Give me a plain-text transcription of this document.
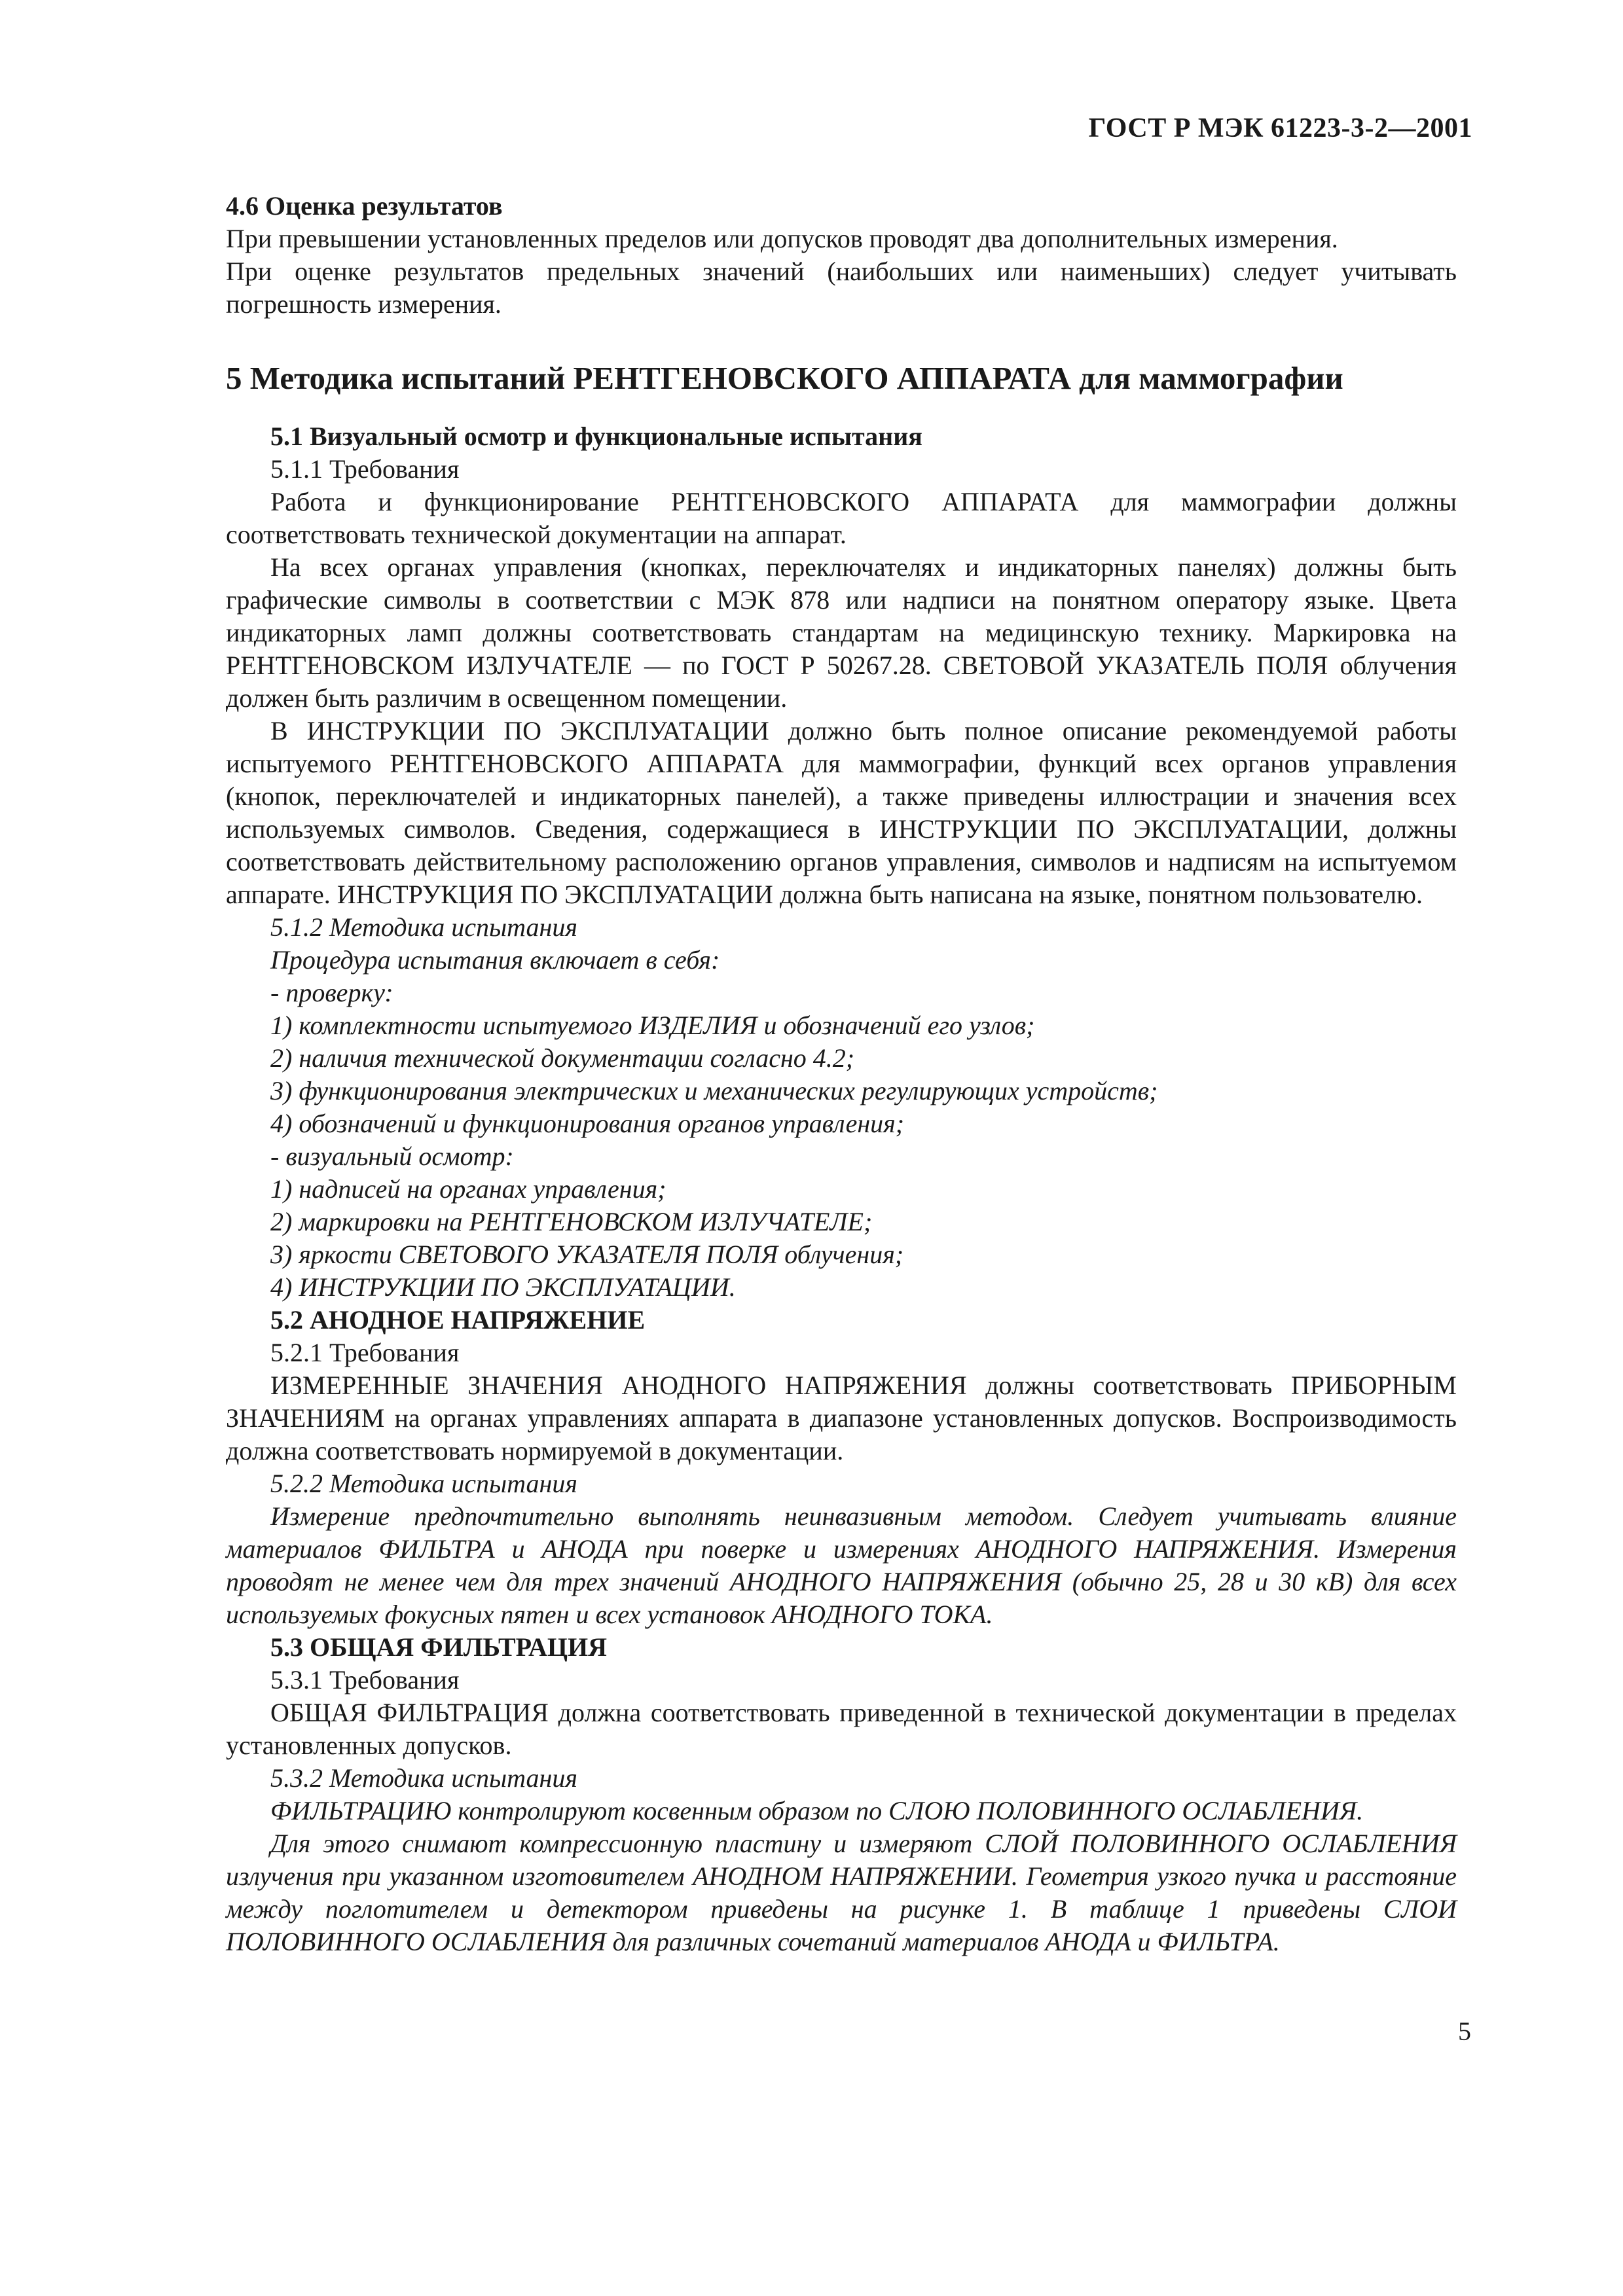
ГОСТ Р МЭК 61223-3-2—2001

4.6 Оценка результатов

При превышении установленных пределов или допусков проводят два дополнительных измерения.

При оценке результатов предельных значений (наибольших или наименьших) следует учитывать погрешность измерения.

5 Методика испытаний РЕНТГЕНОВСКОГО АППАРАТА для маммографии

5.1 Визуальный осмотр и функциональные испытания

5.1.1 Требования

Работа и функционирование РЕНТГЕНОВСКОГО АППАРАТА для маммографии должны соответствовать технической документации на аппарат.

На всех органах управления (кнопках, переключателях и индикаторных панелях) должны быть графические символы в соответствии с МЭК 878 или надписи на понятном оператору языке. Цвета индикаторных ламп должны соответствовать стандартам на медицинскую технику. Маркировка на РЕНТГЕНОВСКОМ ИЗЛУЧАТЕЛЕ — по ГОСТ Р 50267.28. СВЕТОВОЙ УКАЗАТЕЛЬ ПОЛЯ облучения должен быть различим в освещенном помещении.

В ИНСТРУКЦИИ ПО ЭКСПЛУАТАЦИИ должно быть полное описание рекомендуемой работы испытуемого РЕНТГЕНОВСКОГО АППАРАТА для маммографии, функций всех органов управления (кнопок, переключателей и индикаторных панелей), а также приведены иллюстрации и значения всех используемых символов. Сведения, содержащиеся в ИНСТРУКЦИИ ПО ЭКСПЛУАТАЦИИ, должны соответствовать действительному расположению органов управления, символов и надписям на испытуемом аппарате. ИНСТРУКЦИЯ ПО ЭКСПЛУАТАЦИИ должна быть написана на языке, понятном пользователю.

5.1.2 Методика испытания

Процедура испытания включает в себя:

- проверку:

1) комплектности испытуемого ИЗДЕЛИЯ и обозначений его узлов;

2) наличия технической документации согласно 4.2;

3) функционирования электрических и механических регулирующих устройств;

4) обозначений и функционирования органов управления;

- визуальный осмотр:

1) надписей на органах управления;

2) маркировки на РЕНТГЕНОВСКОМ ИЗЛУЧАТЕЛЕ;

3) яркости СВЕТОВОГО УКАЗАТЕЛЯ ПОЛЯ облучения;

4) ИНСТРУКЦИИ ПО ЭКСПЛУАТАЦИИ.

5.2 АНОДНОЕ НАПРЯЖЕНИЕ

5.2.1 Требования

ИЗМЕРЕННЫЕ ЗНАЧЕНИЯ АНОДНОГО НАПРЯЖЕНИЯ должны соответствовать ПРИБОРНЫМ ЗНАЧЕНИЯМ на органах управлениях аппарата в диапазоне установленных допусков. Воспроизводимость должна соответствовать нормируемой в документации.

5.2.2 Методика испытания

Измерение предпочтительно выполнять неинвазивным методом. Следует учитывать влияние материалов ФИЛЬТРА и АНОДА при поверке и измерениях АНОДНОГО НАПРЯЖЕНИЯ. Измерения проводят не менее чем для трех значений АНОДНОГО НАПРЯЖЕНИЯ (обычно 25, 28 и 30 кВ) для всех используемых фокусных пятен и всех установок АНОДНОГО ТОКА.

5.3 ОБЩАЯ ФИЛЬТРАЦИЯ

5.3.1 Требования

ОБЩАЯ ФИЛЬТРАЦИЯ должна соответствовать приведенной в технической документации в пределах установленных допусков.

5.3.2 Методика испытания

ФИЛЬТРАЦИЮ контролируют косвенным образом по СЛОЮ ПОЛОВИННОГО ОСЛАБЛЕНИЯ.

Для этого снимают компрессионную пластину и измеряют СЛОЙ ПОЛОВИННОГО ОСЛАБЛЕНИЯ излучения при указанном изготовителем АНОДНОМ НАПРЯЖЕНИИ. Геометрия узкого пучка и расстояние между поглотителем и детектором приведены на рисунке 1. В таблице 1 приведены СЛОИ ПОЛОВИННОГО ОСЛАБЛЕНИЯ для различных сочетаний материалов АНОДА и ФИЛЬТРА.

5
